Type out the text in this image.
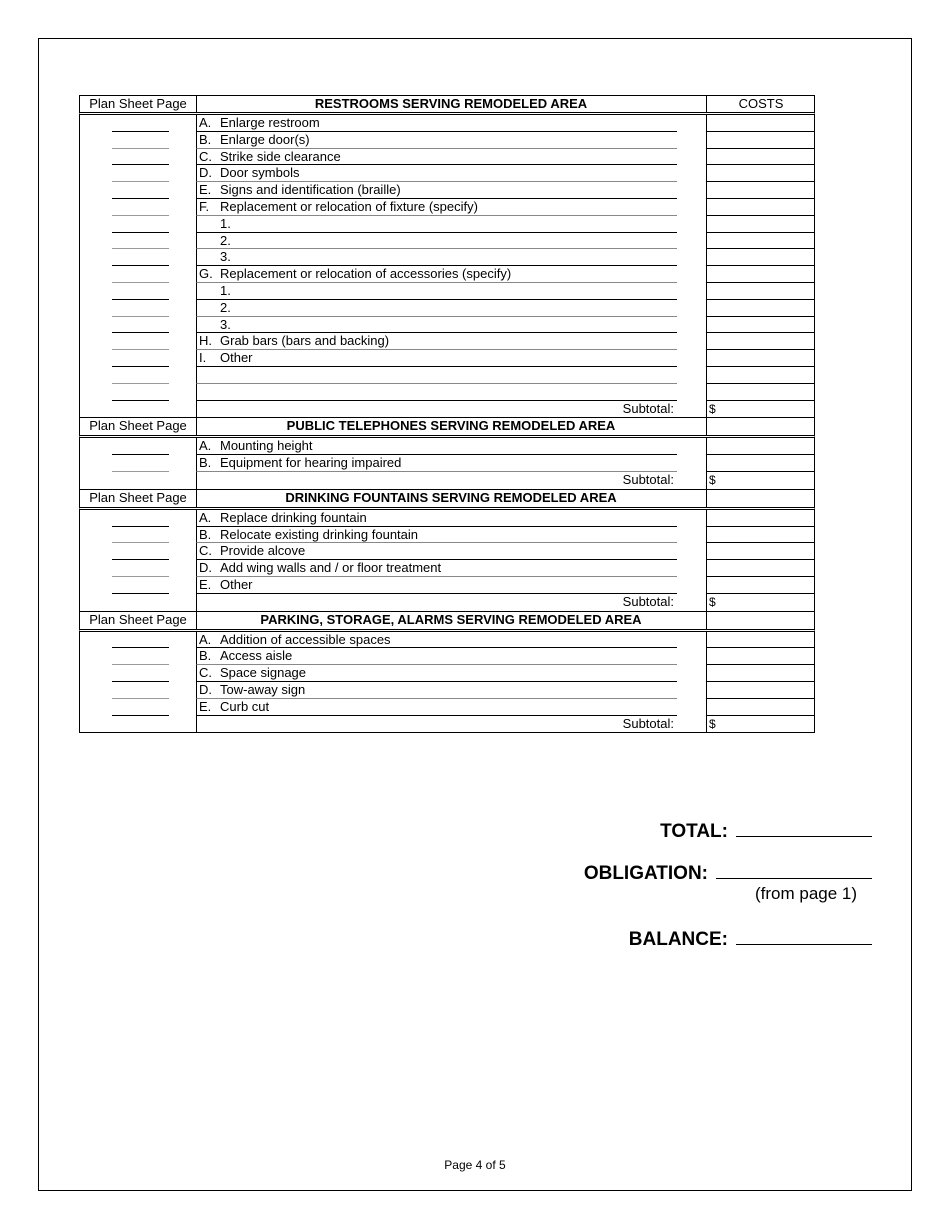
Plan Sheet Page	RESTROOMS SERVING REMODELED AREA	COSTS
A. Enlarge restroom
B. Enlarge door(s)
C. Strike side clearance
D. Door symbols
E. Signs and identification (braille)
F. Replacement or relocation of fixture (specify)
1.
2.
3.
G. Replacement or relocation of accessories (specify)
1.
2.
3.
H. Grab bars (bars and backing)
I. Other
Subtotal:	$
Plan Sheet Page	PUBLIC TELEPHONES SERVING REMODELED AREA
A. Mounting height
B. Equipment for hearing impaired
Subtotal:	$
Plan Sheet Page	DRINKING FOUNTAINS SERVING REMODELED AREA
A. Replace drinking fountain
B. Relocate existing drinking fountain
C. Provide alcove
D. Add wing walls and / or floor treatment
E. Other
Subtotal:	$
Plan Sheet Page	PARKING, STORAGE, ALARMS SERVING REMODELED AREA
A. Addition of accessible spaces
B. Access aisle
C. Space signage
D. Tow-away sign
E. Curb cut
Subtotal:	$
TOTAL:
OBLIGATION:
(from page 1)
BALANCE:
Page 4 of 5
